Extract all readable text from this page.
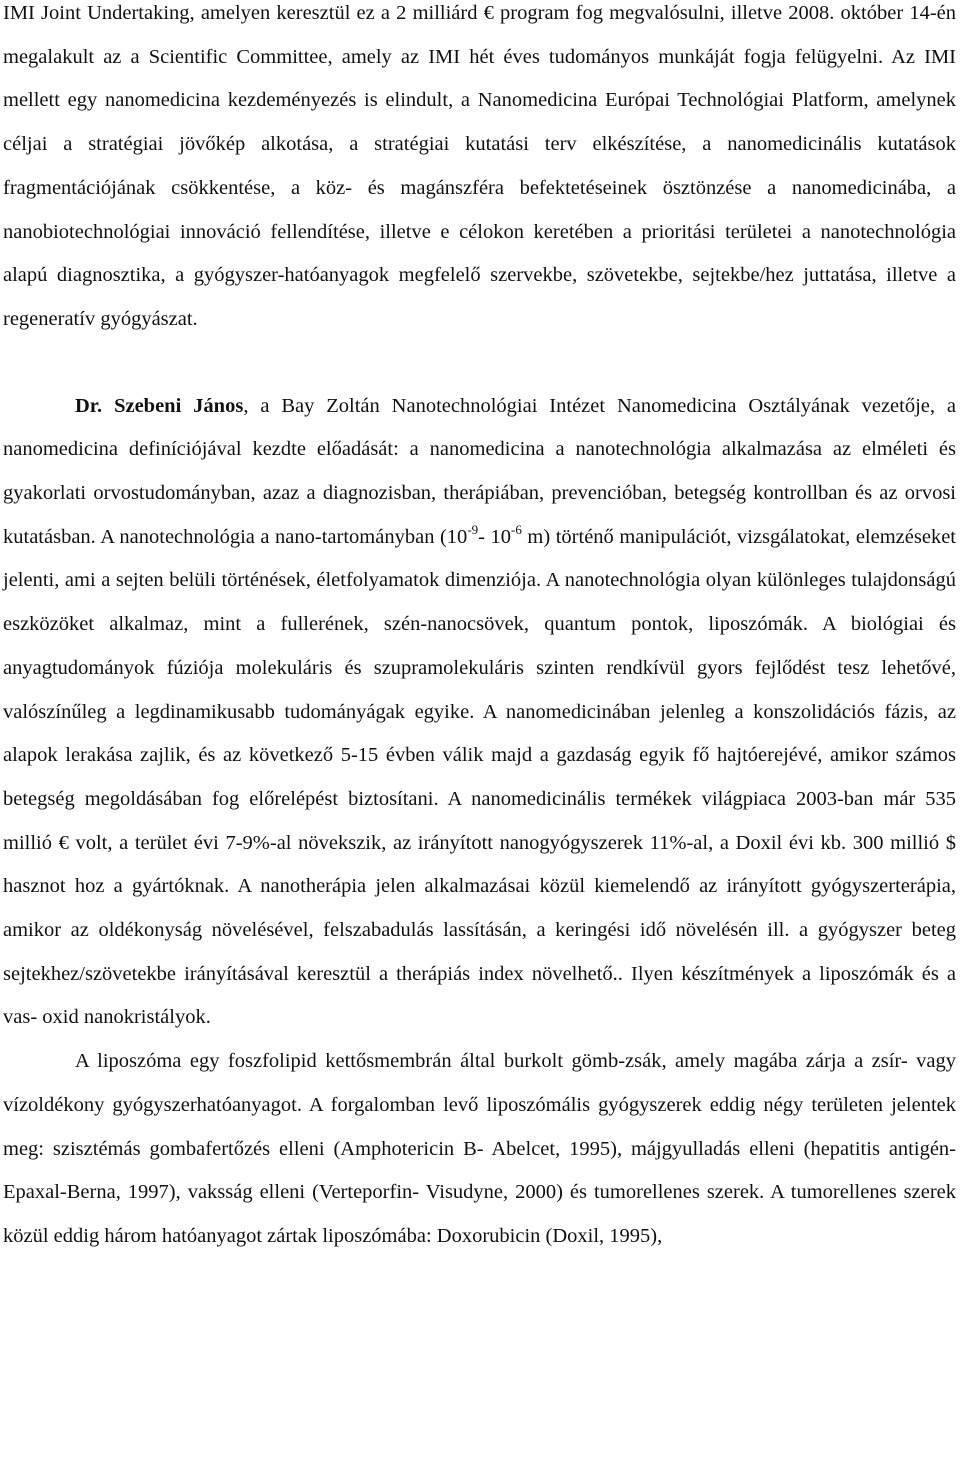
IMI Joint Undertaking, amelyen keresztül ez a 2 milliárd € program fog megvalósulni, illetve 2008. október 14-én megalakult az a Scientific Committee, amely az IMI hét éves tudományos munkáját fogja felügyelni. Az IMI mellett egy nanomedicina kezdeményezés is elindult, a Nanomedicina Európai Technológiai Platform, amelynek céljai a stratégiai jövőkép alkotása, a stratégiai kutatási terv elkészítése, a nanomedicinális kutatások fragmentációjának csökkentése, a köz- és magánszféra befektetéseinek ösztönzése a nanomedicinába, a nanobiotechnológiai innováció fellendítése, illetve e célokon keretében a prioritási területei a nanotechnológia alapú diagnosztika, a gyógyszer-hatóanyagok megfelelő szervekbe, szövetekbe, sejtekbe/hez juttatása, illetve a regeneratív gyógyászat.

Dr. Szebeni János, a Bay Zoltán Nanotechnológiai Intézet Nanomedicina Osztályának vezetője, a nanomedicina definíciójával kezdte előadását: a nanomedicina a nanotechnológia alkalmazása az elméleti és gyakorlati orvostudományban, azaz a diagnozisban, therápiában, prevencióban, betegség kontrollban és az orvosi kutatásban. A nanotechnológia a nano-tartományban ($10^{-9}-$ $10^{-6}$ m) történő manipulációt, vizsgálatokat, elemzéseket jelenti, ami a sejten belüli történések, életfolyamatok dimenziója. A nanotechnológia olyan különleges tulajdonságú eszközöket alkalmaz, mint a fullerének, szén-nanocsövek, quantum pontok, liposzómák. A biológiai és anyagtudományok fúziója molekuláris és szupramolekuláris szinten rendkívül gyors fejlődést tesz lehetővé, valószínűleg a legdinamikusabb tudományágak egyike. A nanomedicinában jelenleg a konszolidációs fázis, az alapok lerakása zajlik, és az következő 5-15 évben válik majd a gazdaság egyik fő hajtóerejévé, amikor számos betegség megoldásában fog előrelépést biztosítani. A nanomedicinális termékek világpiaca 2003-ban már 535 millió € volt, a terület évi 7-9%-al növekszik, az irányított nanogyógyszerek 11%-al, a Doxil évi kb. 300 millió $ hasznot hoz a gyártóknak. A nanotherápia jelen alkalmazásai közül kiemelendő az irányított gyógyszerterápia, amikor az oldékonyság növelésével, felszabadulás lassításán, a keringési idő növelésén ill. a gyógyszer beteg sejtekhez/szövetekbe irányításával keresztül a therápiás index növelhető.. Ilyen készítmények a liposzómák és a vas- oxid nanokristályok.

A liposzóma egy foszfolipid kettősmembrán által burkolt gömb-zsák, amely magába zárja a zsír- vagy vízoldékony gyógyszerhatóanyagot. A forgalomban levő liposzómális gyógyszerek eddig négy területen jelentek meg: szisztémás gombafertőzés elleni (Amphotericin B- Abelcet, 1995), májgyulladás elleni (hepatitis antigén- Epaxal-Berna, 1997), vaksság elleni (Verteporfin- Visudyne, 2000) és tumorellenes szerek. A tumorellenes szerek közül eddig három hatóanyagot zártak liposzómába: Doxorubicin (Doxil, 1995),
